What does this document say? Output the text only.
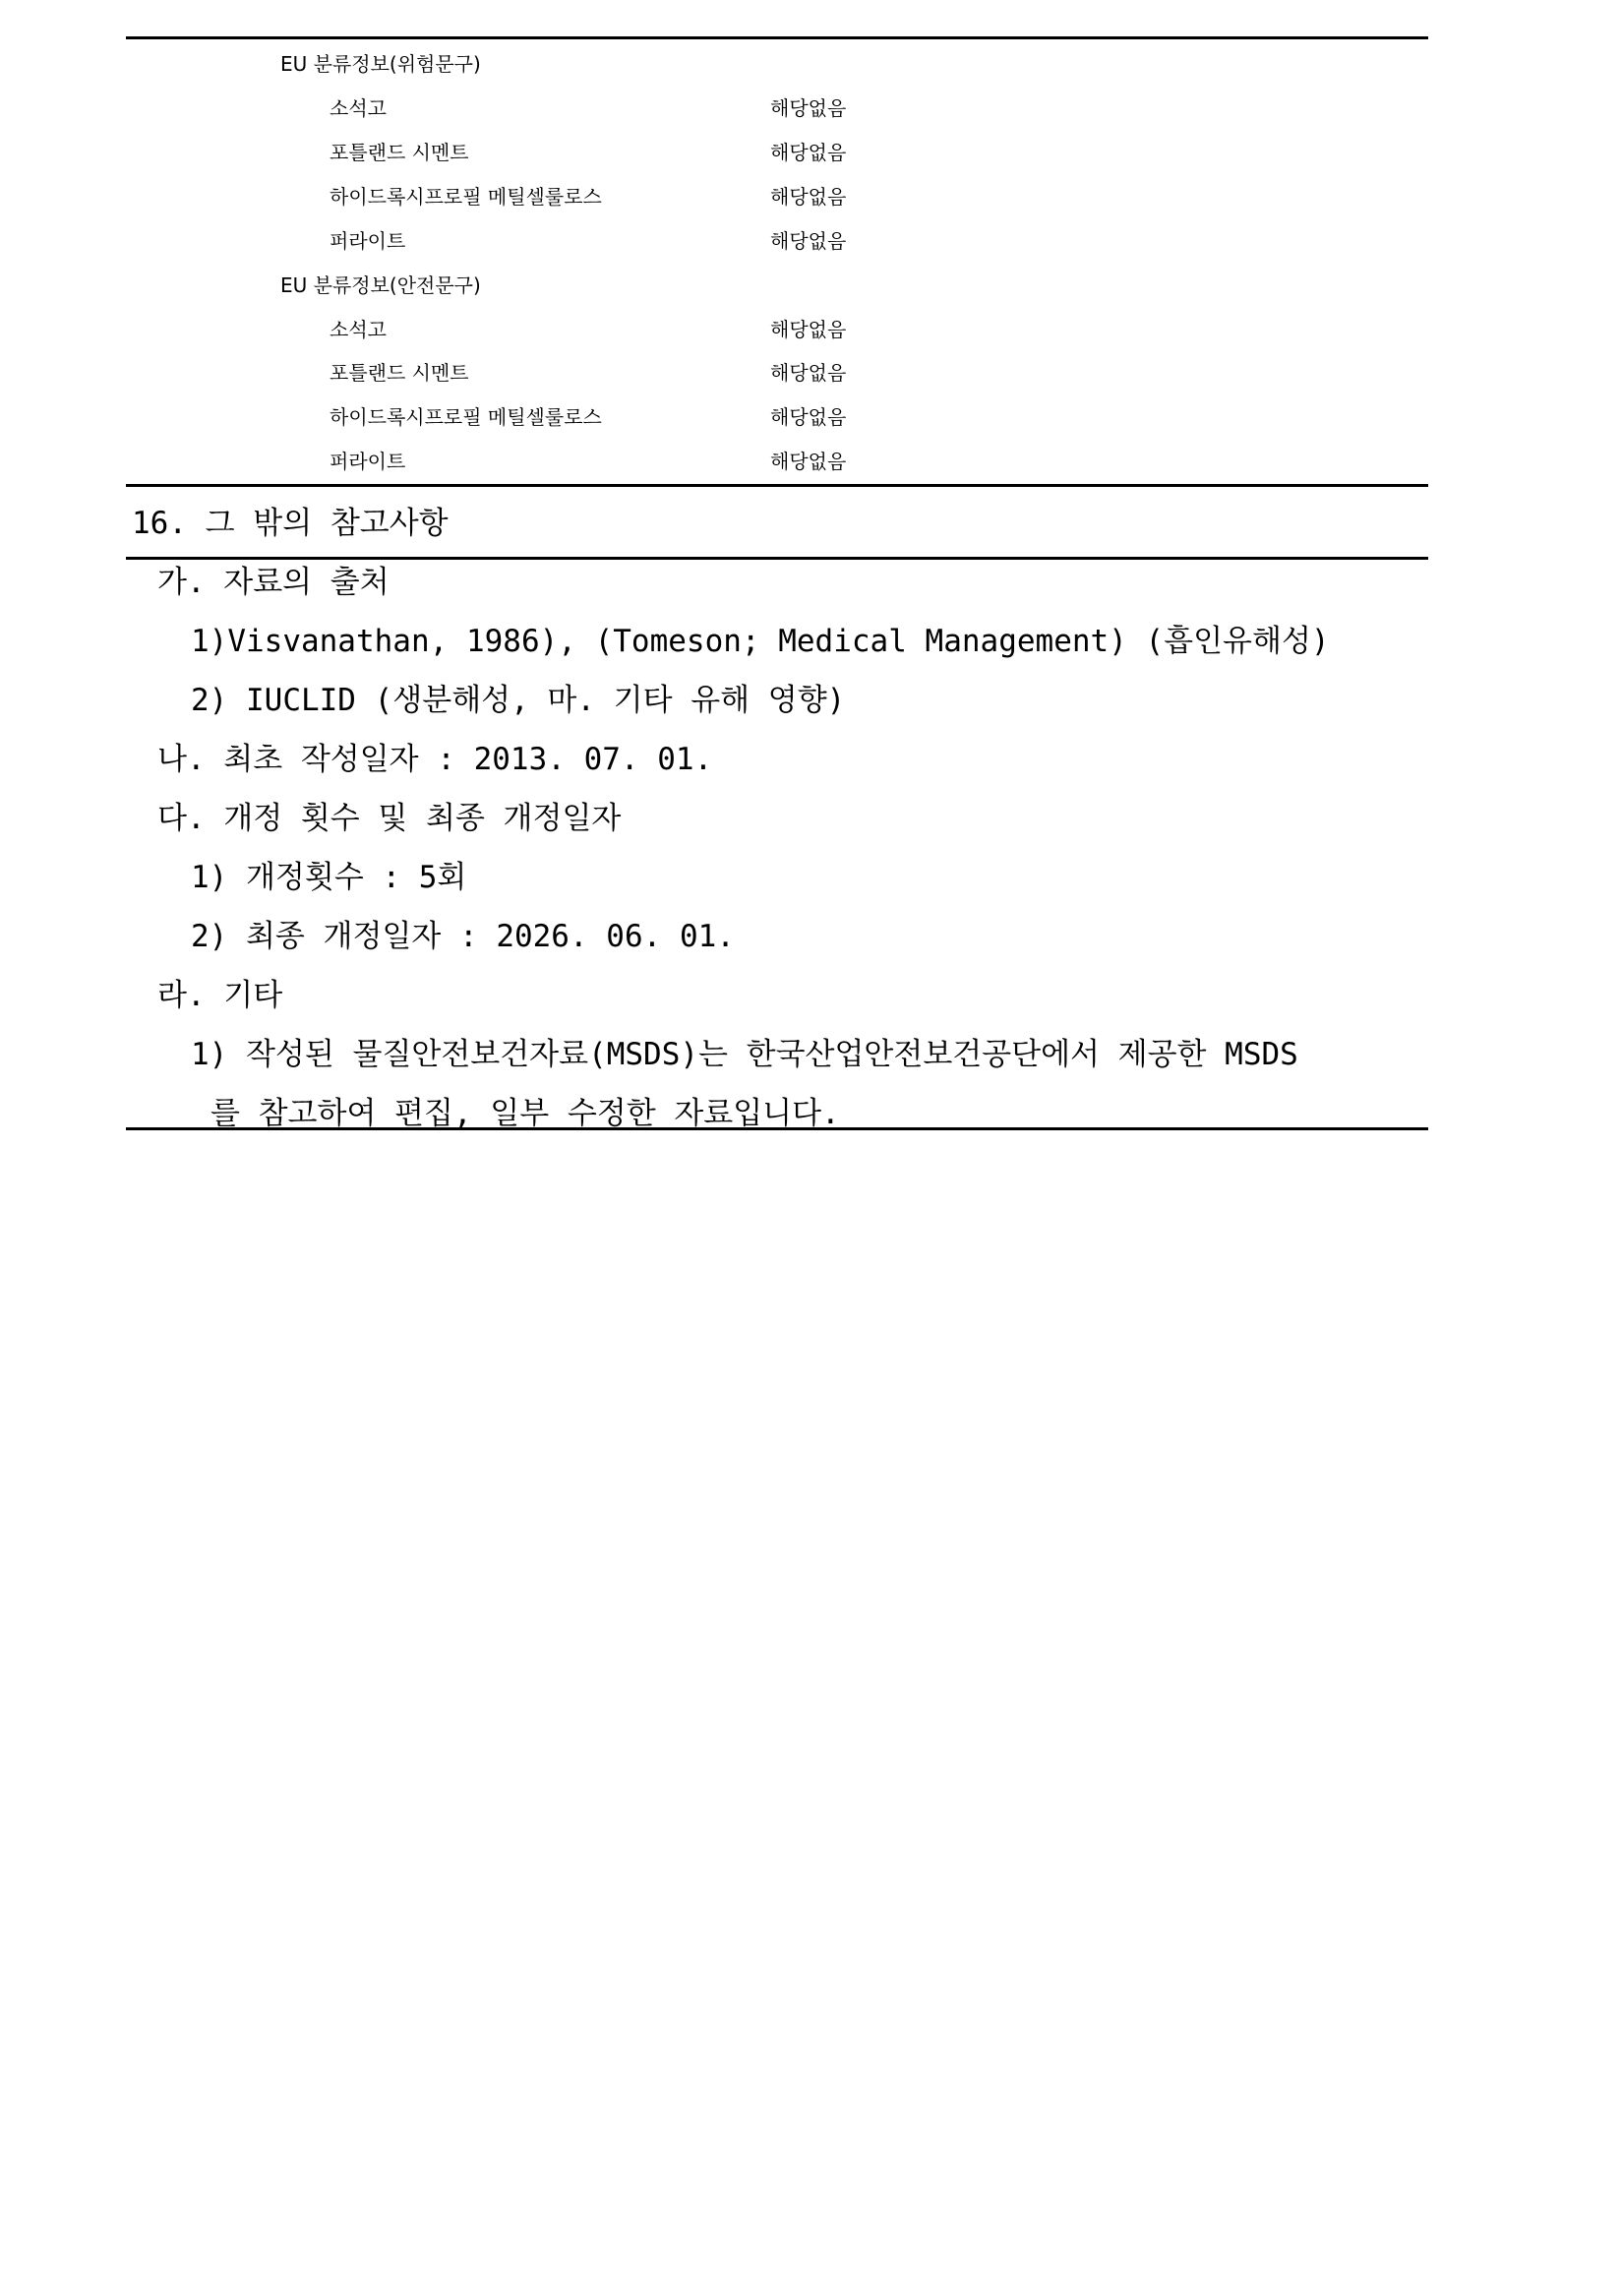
EU 분류정보(위험문구)
소석고	해당없음
포틀랜드 시멘트	해당없음
하이드록시프로필 메틸셀룰로스	해당없음
퍼라이트	해당없음
EU 분류정보(안전문구)
소석고	해당없음
포틀랜드 시멘트	해당없음
하이드록시프로필 메틸셀룰로스	해당없음
퍼라이트	해당없음
16. 그 밖의 참고사항
가. 자료의 출처
1)Visvanathan, 1986), (Tomeson; Medical Management) (흡인유해성)
2) IUCLID (생분해성, 마. 기타 유해 영향)
나. 최초 작성일자 : 2013. 07. 01.
다. 개정 횟수 및 최종 개정일자
1) 개정횟수 : 5회
2) 최종 개정일자 : 2026. 06. 01.
라. 기타
1) 작성된 물질안전보건자료(MSDS)는 한국산업안전보건공단에서 제공한 MSDS
를 참고하여 편집, 일부 수정한 자료입니다.
